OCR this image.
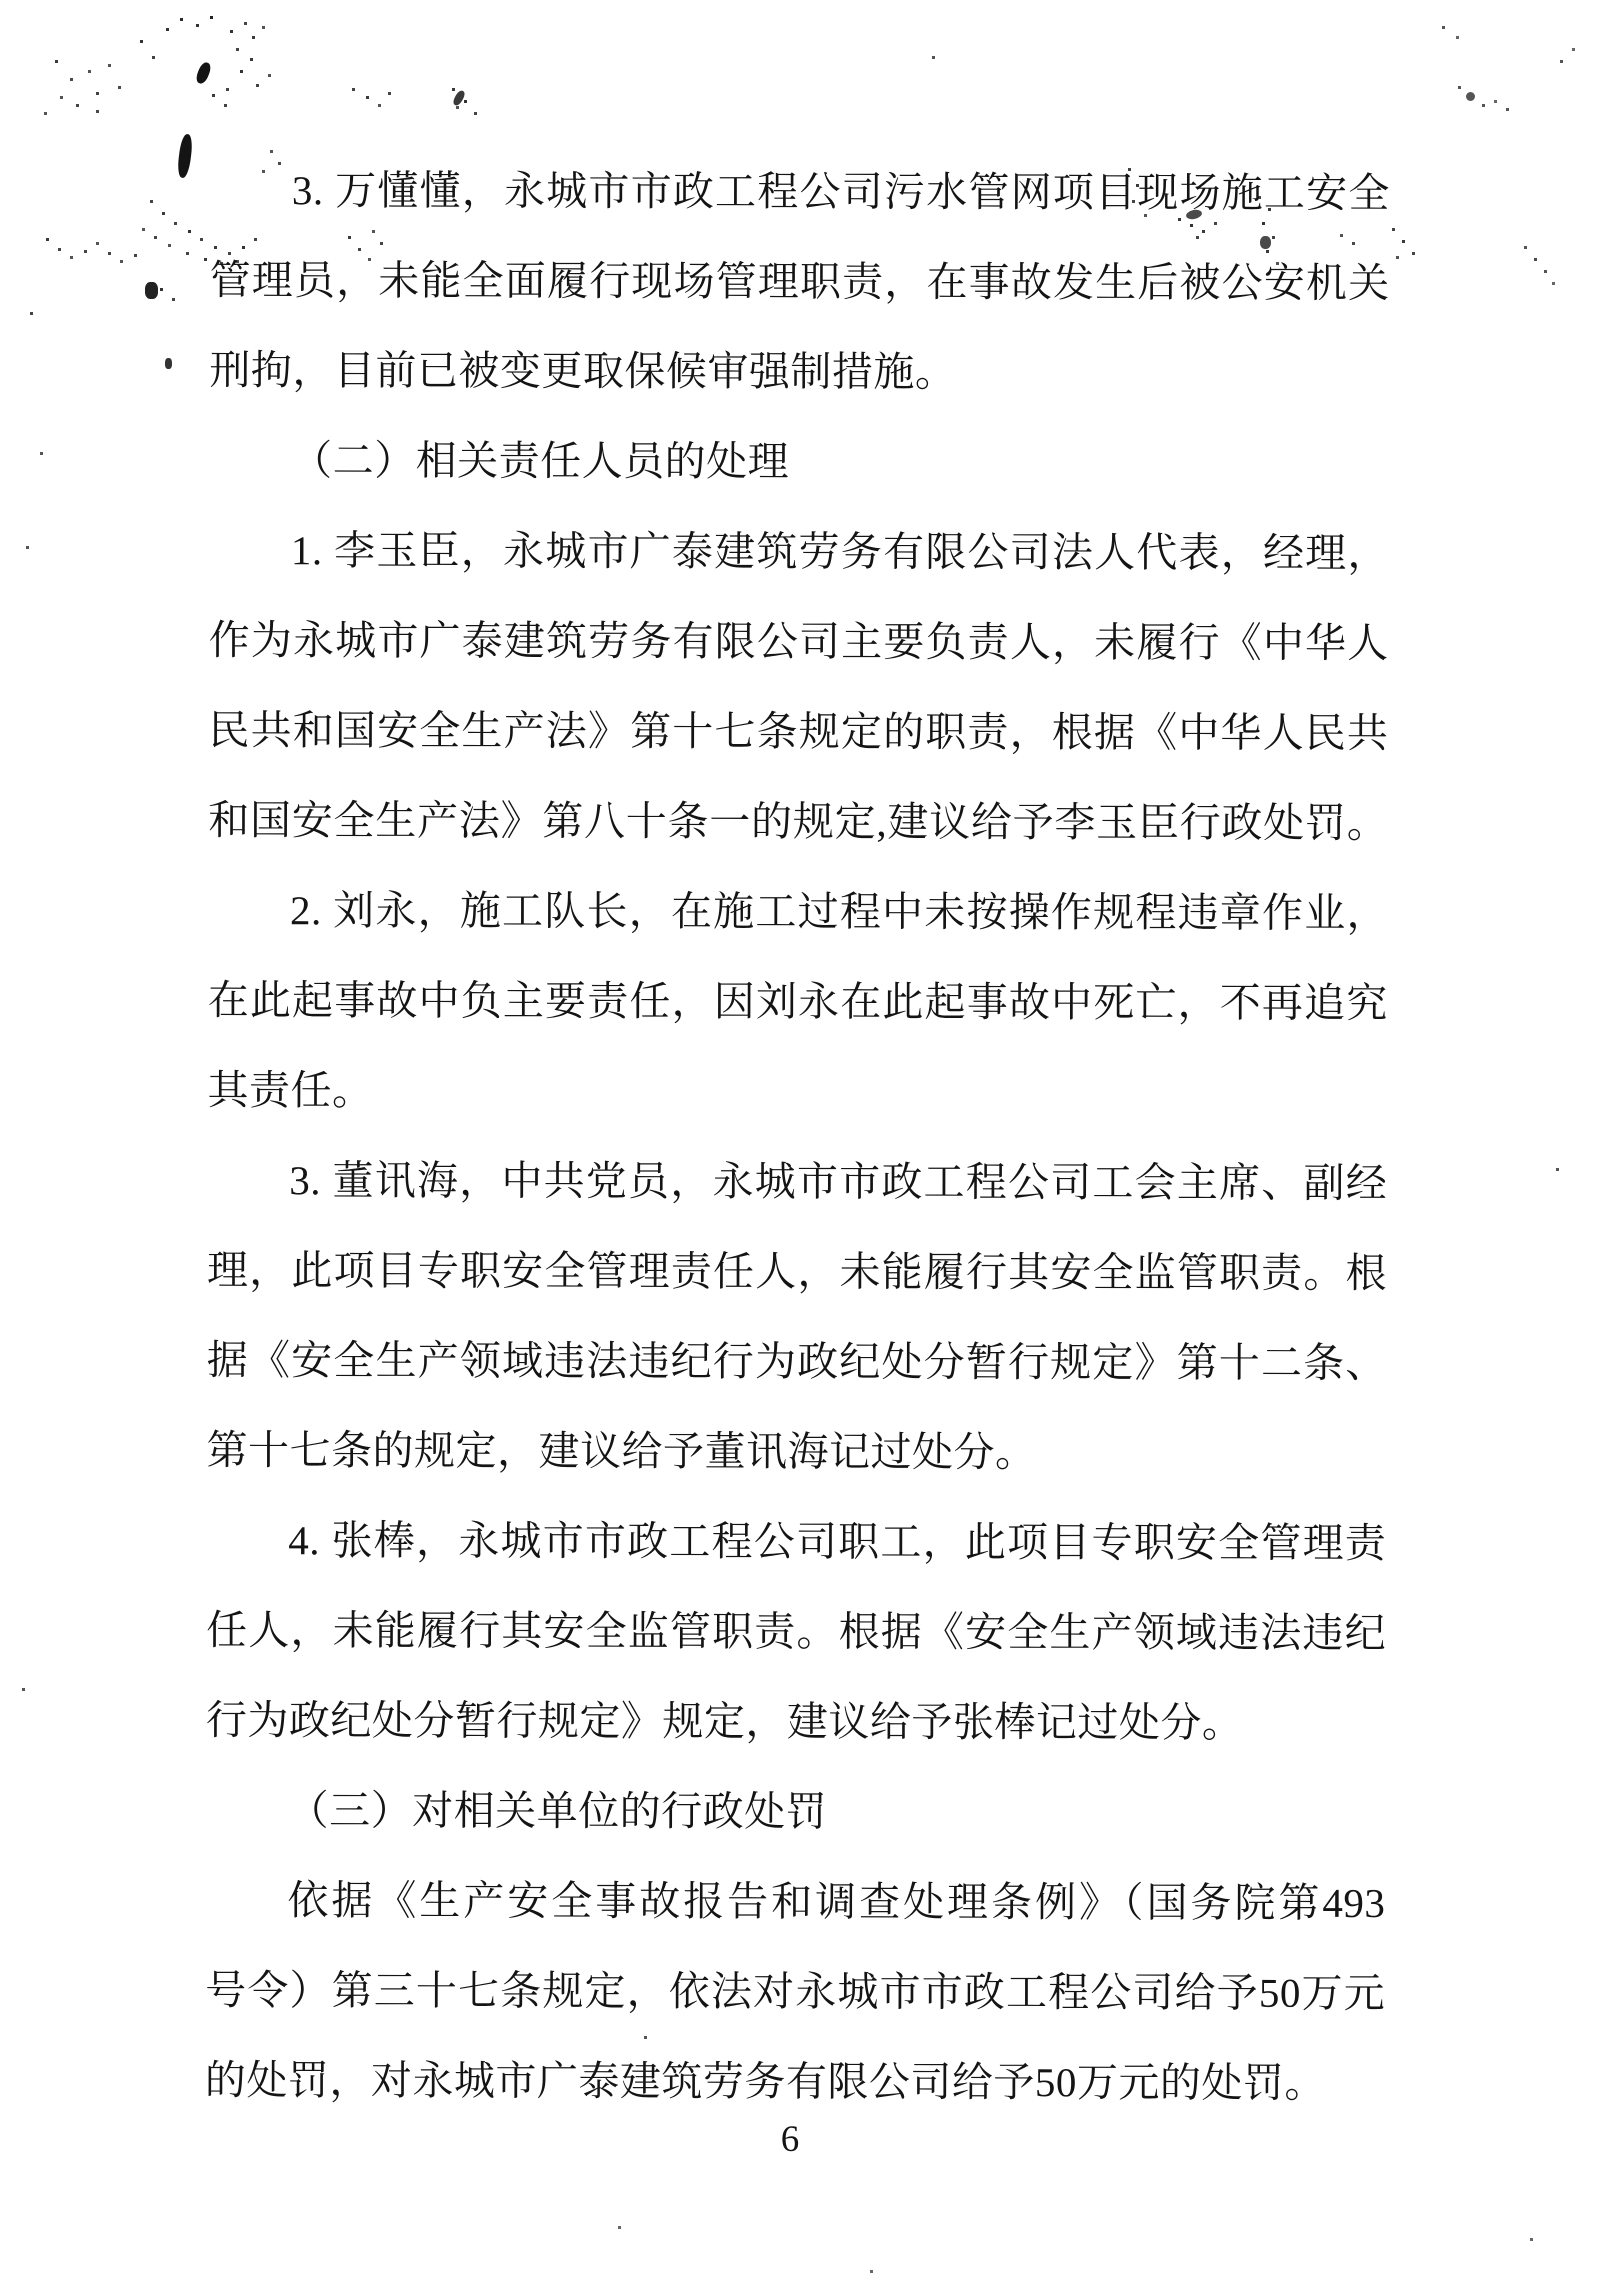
3. 万懂懂，永城市市政工程公司污水管网项目现场施工安全
管理员，未能全面履行现场管理职责，在事故发生后被公安机关
刑拘，目前已被变更取保候审强制措施。
（二）相关责任人员的处理
1. 李玉臣，永城市广泰建筑劳务有限公司法人代表，经理，
作为永城市广泰建筑劳务有限公司主要负责人，未履行《中华人
民共和国安全生产法》第十七条规定的职责，根据《中华人民共
和国安全生产法》第八十条一的规定,建议给予李玉臣行政处罚。
2. 刘永，施工队长，在施工过程中未按操作规程违章作业，
在此起事故中负主要责任，因刘永在此起事故中死亡，不再追究
其责任。
3. 董讯海，中共党员，永城市市政工程公司工会主席、副经
理，此项目专职安全管理责任人，未能履行其安全监管职责。根
据《安全生产领域违法违纪行为政纪处分暂行规定》第十二条、
第十七条的规定，建议给予董讯海记过处分。
4. 张棒，永城市市政工程公司职工，此项目专职安全管理责
任人，未能履行其安全监管职责。根据《安全生产领域违法违纪
行为政纪处分暂行规定》规定，建议给予张棒记过处分。
（三）对相关单位的行政处罚
依据《生产安全事故报告和调查处理条例》（国务院第493
号令）第三十七条规定，依法对永城市市政工程公司给予50万元
的处罚，对永城市广泰建筑劳务有限公司给予50万元的处罚。
6
